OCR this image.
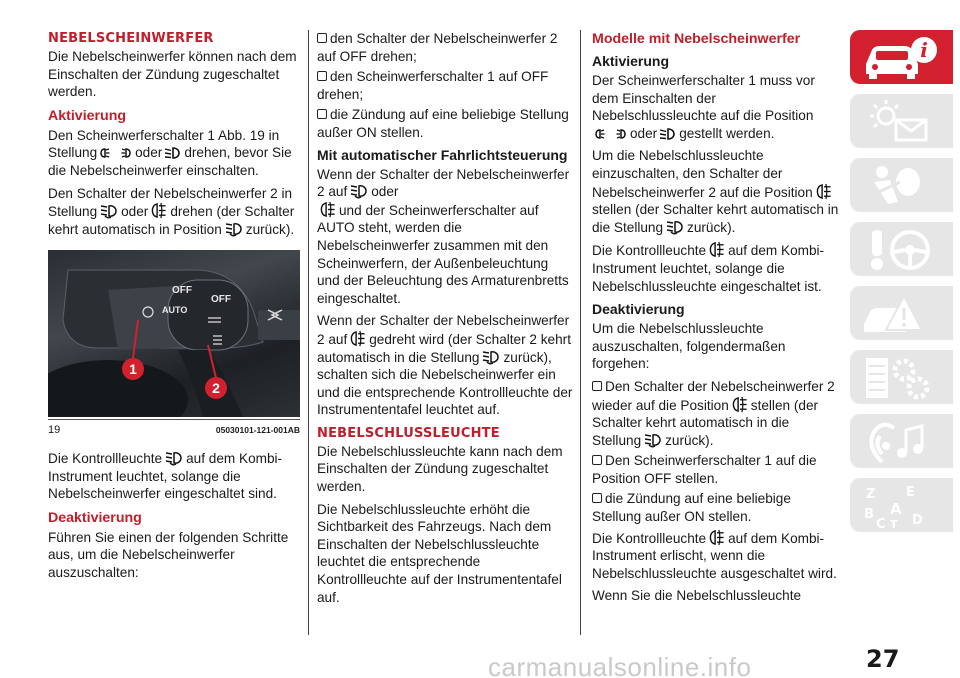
NEBELSCHEINWERFER

Die Nebelscheinwerfer können nach dem Einschalten der Zündung zugeschaltet werden.

Aktivierung

Den Scheinwerferschalter 1 Abb. 19 in Stellung	oder drehen, bevor Sie die Nebelscheinwerfer einschalten.

Den Schalter der Nebelscheinwerfer 2 in Stellung oder drehen (der Schalter kehrt automatisch in Position zurück).

OFF
OFF
AUTO
1
2
19	05030101-121-001AB

Die Kontrollleuchte auf dem Kombi-Instrument leuchtet, solange die Nebelscheinwerfer eingeschaltet sind.

Deaktivierung

Führen Sie einen der folgenden Schritte aus, um die Nebelscheinwerfer auszuschalten:

den Schalter der Nebelscheinwerfer 2 auf OFF drehen;
den Scheinwerferschalter 1 auf OFF drehen;
die Zündung auf eine beliebige Stellung außer ON stellen.
Mit automatischer Fahrlichtsteuerung

Wenn der Schalter der Nebelscheinwerfer 2 auf oder
und der Scheinwerferschalter auf AUTO steht, werden die Nebelscheinwerfer zusammen mit den Scheinwerfern, der Außenbeleuchtung und der Beleuchtung des Armaturenbretts eingeschaltet.

Wenn der Schalter der Nebelscheinwerfer 2 auf gedreht wird (der Schalter 2 kehrt automatisch in die Stellung zurück), schalten sich die Nebelscheinwerfer ein und die entsprechende Kontrollleuchte der Instrumententafel leuchtet auf.

NEBELSCHLUSSLEUCHTE

Die Nebelschlussleuchte kann nach dem Einschalten der Zündung zugeschaltet werden.

Die Nebelschlussleuchte erhöht die Sichtbarkeit des Fahrzeugs. Nach dem Einschalten der Nebelschlussleuchte leuchtet die entsprechende Kontrollleuchte auf der Instrumententafel auf.

Modelle mit Nebelscheinwerfer
Aktivierung

Der Scheinwerferschalter 1 muss vor dem Einschalten der Nebelschlussleuchte auf die Positionoder gestellt werden.

Um die Nebelschlussleuchte einzuschalten, den Schalter der Nebelscheinwerfer 2 auf die Positionstellen (der Schalter kehrt automatisch in die Stellung zurück).

Die Kontrollleuchte auf dem Kombi-Instrument leuchtet, solange die Nebelschlussleuchte eingeschaltet ist.

Deaktivierung

Um die Nebelschlussleuchte auszuschalten, folgendermaßen forgehen:

Den Schalter der Nebelscheinwerfer 2 wieder auf die Position stellen (der Schalter kehrt automatisch in die Stellung zurück).
Den Scheinwerferschalter 1 auf die Position OFF stellen.
die Zündung auf eine beliebige Stellung außer ON stellen.

Die Kontrollleuchte auf dem Kombi-Instrument erlischt, wenn die Nebelschlussleuchte ausgeschaltet wird.

Wenn Sie die Nebelschlussleuchte

i
Z E
A
B
C T D
carmanualsonline.info	27
